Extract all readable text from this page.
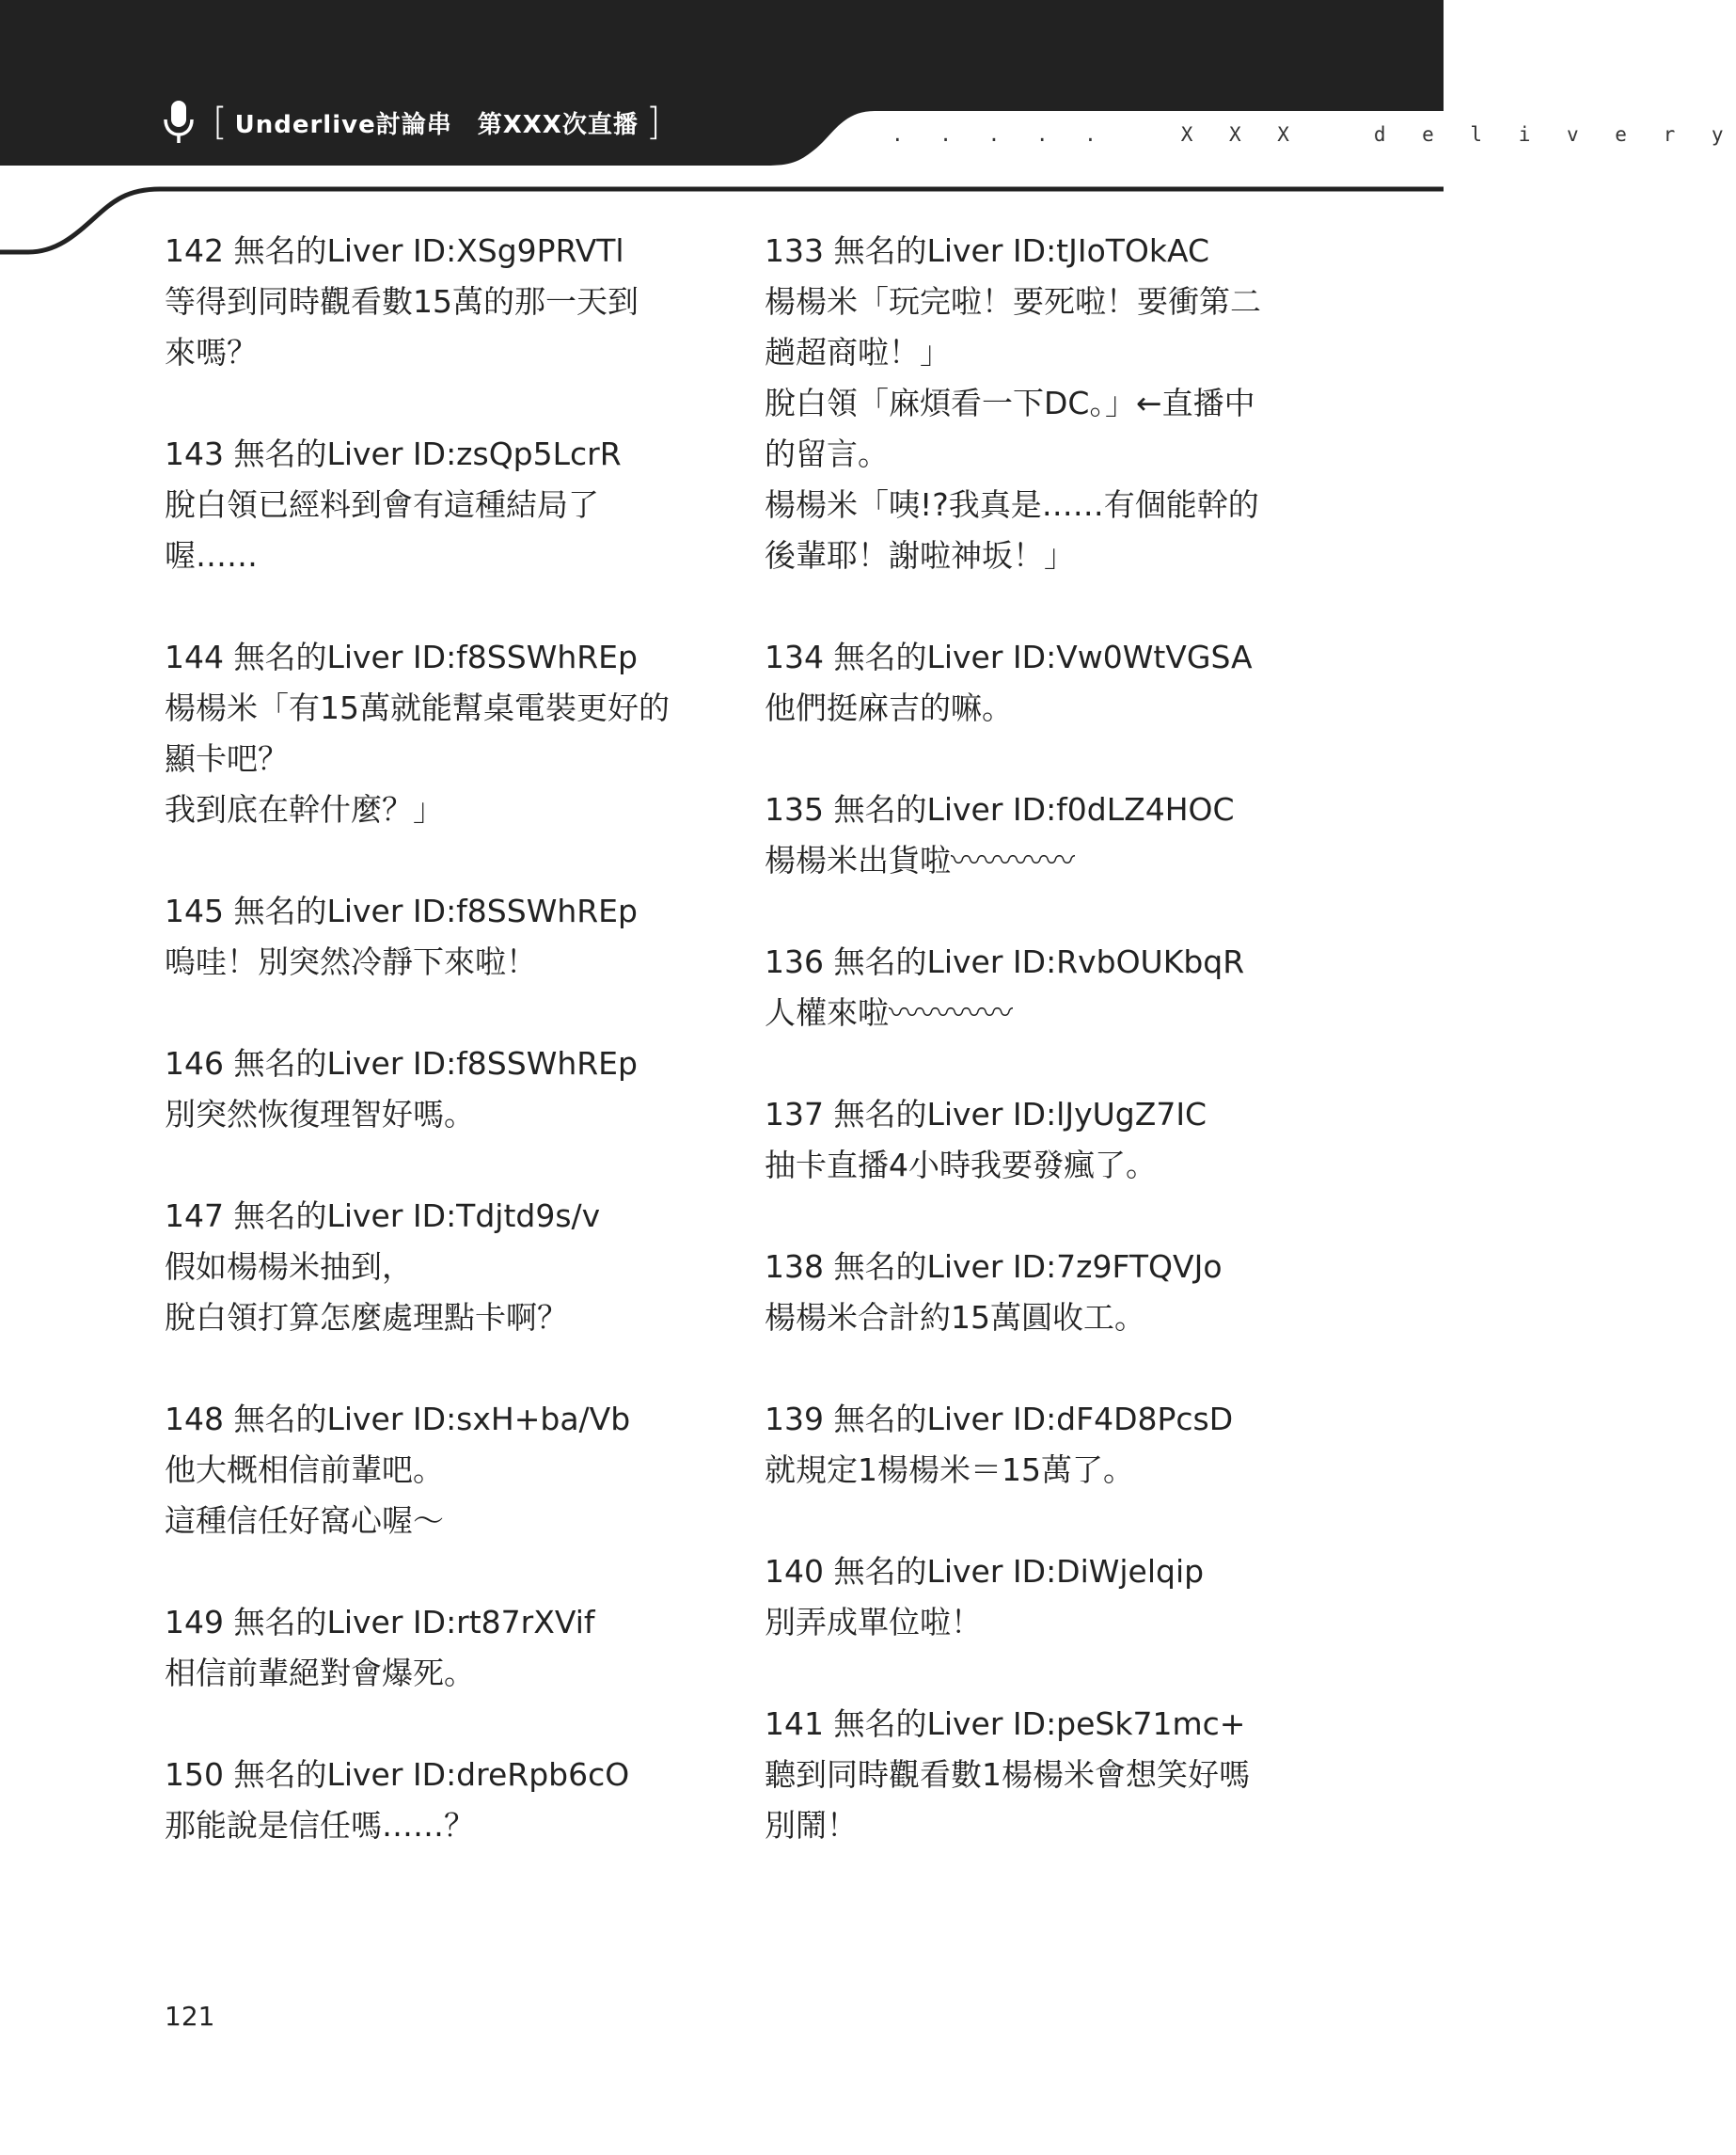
[ Underlive討論串　第XXX次直播 ]	. . . . .   X X X   d e l i v e r y
142 無名的Liver ID:XSg9PRVTl
等得到同時觀看數15萬的那一天到
來嗎？
143 無名的Liver ID:zsQp5LcrR
脫白領已經料到會有這種結局了
喔……
144 無名的Liver ID:f8SSWhREp
楊楊米「有15萬就能幫桌電裝更好的
顯卡吧？
我到底在幹什麼？」
145 無名的Liver ID:f8SSWhREp
嗚哇！別突然冷靜下來啦！
146 無名的Liver ID:f8SSWhREp
別突然恢復理智好嗎。
147 無名的Liver ID:Tdjtd9s/v
假如楊楊米抽到，
脫白領打算怎麼處理點卡啊？
148 無名的Liver ID:sxH+ba/Vb
他大概相信前輩吧。
這種信任好窩心喔～
149 無名的Liver ID:rt87rXVif
相信前輩絕對會爆死。
150 無名的Liver ID:dreRpb6cO
那能說是信任嗎……？
133 無名的Liver ID:tJIoTOkAC
楊楊米「玩完啦！要死啦！要衝第二
趟超商啦！」
脫白領「麻煩看一下DC。」←直播中
的留言。
楊楊米「咦!?我真是……有個能幹的
後輩耶！謝啦神坂！」
134 無名的Liver ID:Vw0WtVGSA
他們挺麻吉的嘛。
135 無名的Liver ID:f0dLZ4HOC
楊楊米出貨啦〰〰〰〰
136 無名的Liver ID:RvbOUKbqR
人權來啦〰〰〰〰
137 無名的Liver ID:lJyUgZ7IC
抽卡直播4小時我要發瘋了。
138 無名的Liver ID:7z9FTQVJo
楊楊米合計約15萬圓收工。
139 無名的Liver ID:dF4D8PcsD
就規定1楊楊米＝15萬了。
140 無名的Liver ID:DiWjelqip
別弄成單位啦！
141 無名的Liver ID:peSk71mc+
聽到同時觀看數1楊楊米會想笑好嗎
別鬧！
121
